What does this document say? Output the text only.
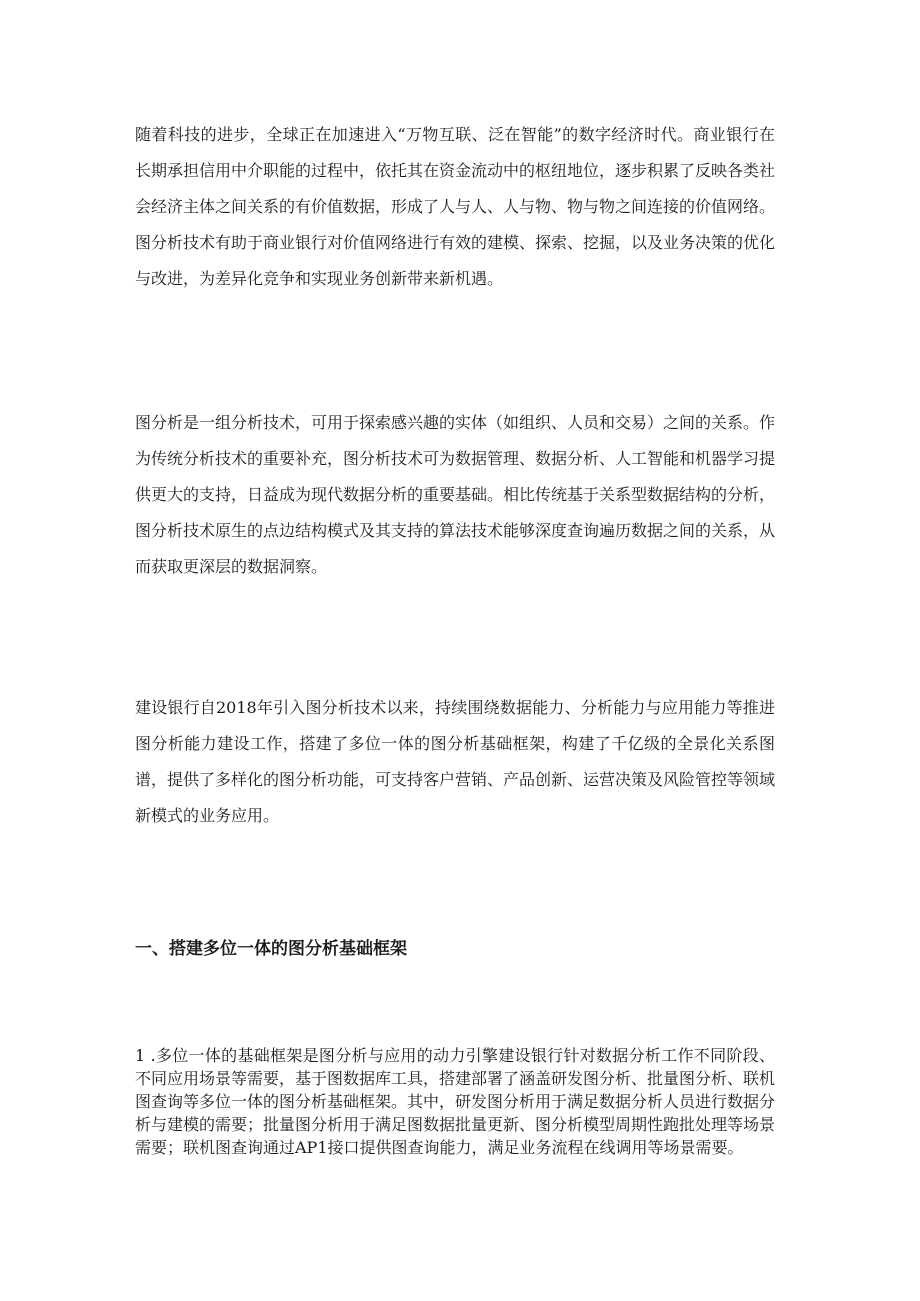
随着科技的进步，全球正在加速进入“万物互联、泛在智能”的数字经济时代。商业银行在长期承担信用中介职能的过程中，依托其在资金流动中的枢纽地位，逐步积累了反映各类社会经济主体之间关系的有价值数据，形成了人与人、人与物、物与物之间连接的价值网络。图分析技术有助于商业银行对价值网络进行有效的建模、探索、挖掘，以及业务决策的优化与改进，为差异化竞争和实现业务创新带来新机遇。

图分析是一组分析技术，可用于探索感兴趣的实体（如组织、人员和交易）之间的关系。作为传统分析技术的重要补充，图分析技术可为数据管理、数据分析、人工智能和机器学习提供更大的支持，日益成为现代数据分析的重要基础。相比传统基于关系型数据结构的分析，图分析技术原生的点边结构模式及其支持的算法技术能够深度查询遍历数据之间的关系，从而获取更深层的数据洞察。

建设银行自2018年引入图分析技术以来，持续围绕数据能力、分析能力与应用能力等推进图分析能力建设工作，搭建了多位一体的图分析基础框架，构建了千亿级的全景化关系图谱，提供了多样化的图分析功能，可支持客户营销、产品创新、运营决策及风险管控等领域新模式的业务应用。

一、搭建多位一体的图分析基础框架

1 .多位一体的基础框架是图分析与应用的动力引擎建设银行针对数据分析工作不同阶段、不同应用场景等需要，基于图数据库工具，搭建部署了涵盖研发图分析、批量图分析、联机图查询等多位一体的图分析基础框架。其中，研发图分析用于满足数据分析人员进行数据分析与建模的需要；批量图分析用于满足图数据批量更新、图分析模型周期性跑批处理等场景需要；联机图查询通过AP1接口提供图查询能力，满足业务流程在线调用等场景需要。
